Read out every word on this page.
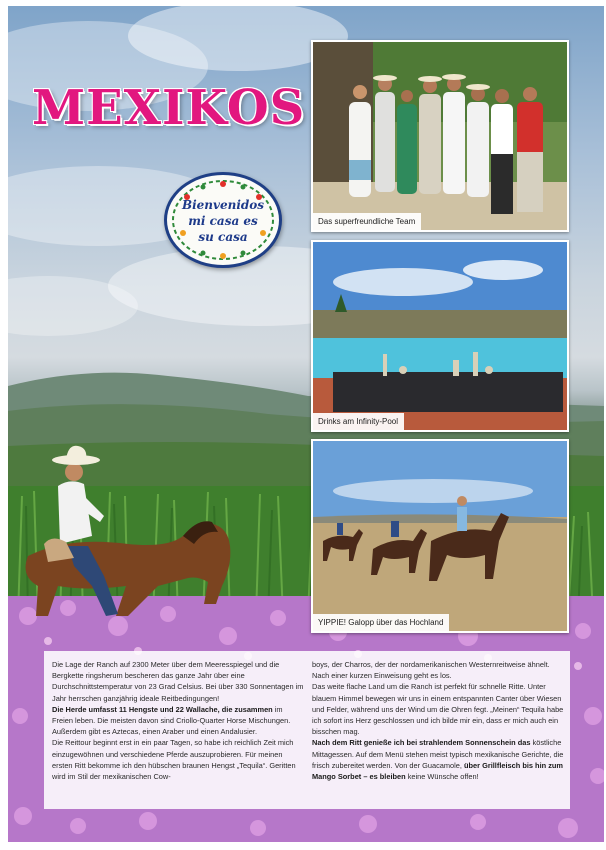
MEXIKOS
Bienvenidos
mi casa es
su casa
Das superfreundliche Team
Drinks am Infinity-Pool
YIPPIE! Galopp über das Hochland

Die Lage der Ranch auf 2300 Meter über dem Meeresspiegel und die Bergkette ringsherum bescheren das ganze Jahr über eine Durchschnittstemperatur von 23 Grad Celsius. Bei über 330 Sonnentagen im Jahr herrschen ganzjährig ideale Reitbedingungen!

Die Herde umfasst 11 Hengste und 22 Wallache, die zusammen im Freien leben. Die meisten davon sind Criollo-Quarter Horse Mischungen. Außerdem gibt es Aztecas, einen Araber und einen Andalusier.

Die Reittour beginnt erst in ein paar Tagen, so habe ich reichlich Zeit mich einzugewöhnen und verschiedene Pferde auszuprobieren. Für meinen ersten Ritt bekomme ich den hübschen braunen Hengst „Tequila“. Geritten wird im Stil der mexikanischen Cow-

boys, der Charros, der der nordamerikanischen Westernreitweise ähnelt. Nach einer kurzen Einweisung geht es los.

Das weite flache Land um die Ranch ist perfekt für schnelle Ritte. Unter blauem Himmel bewegen wir uns in einem entspannten Canter über Wiesen und Felder, während uns der Wind um die Ohren fegt. „Meinen“ Tequila habe ich sofort ins Herz geschlossen und ich bilde mir ein, dass er mich auch ein bisschen mag.

Nach dem Ritt genieße ich bei strahlendem Sonnenschein das köstliche Mittagessen. Auf dem Menü stehen meist typisch mexikanische Gerichte, die frisch zubereitet werden. Von der Guacamole, über Grillfleisch bis hin zum Mango Sorbet – es bleiben keine Wünsche offen!
